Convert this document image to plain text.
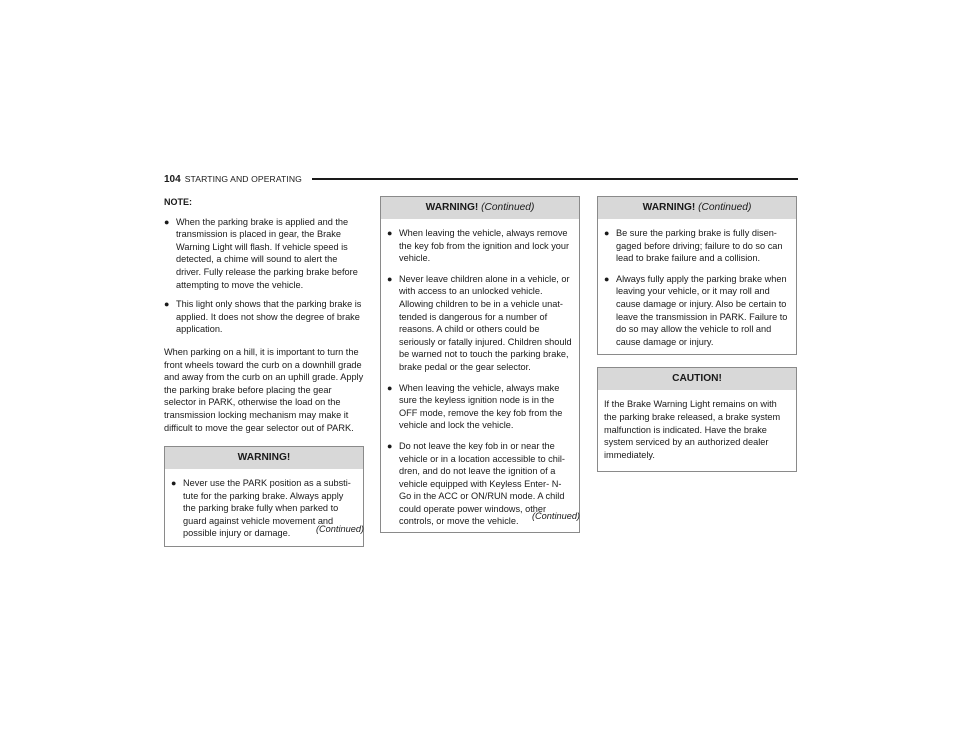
104 STARTING AND OPERATING
NOTE:
● When the parking brake is applied and the transmission is placed in gear, the Brake Warning Light will flash. If vehicle speed is detected, a chime will sound to alert the driver. Fully release the parking brake before attempting to move the vehicle.
● This light only shows that the parking brake is applied. It does not show the degree of brake application.

When parking on a hill, it is important to turn the front wheels toward the curb on a downhill grade and away from the curb on an uphill grade. Apply the parking brake before placing the gear selector in PARK, otherwise the load on the transmission locking mechanism may make it difficult to move the gear selector out of PARK.

WARNING!
● Never use the PARK position as a substi-tute for the parking brake. Always apply the parking brake fully when parked to guard against vehicle movement and possible injury or damage.	(Continued)
WARNING! (Continued)
● When leaving the vehicle, always remove the key fob from the ignition and lock your vehicle.
● Never leave children alone in a vehicle, or with access to an unlocked vehicle. Allowing children to be in a vehicle unat-tended is dangerous for a number of reasons. A child or others could be seriously or fatally injured. Children should be warned not to touch the parking brake, brake pedal or the gear selector.
● When leaving the vehicle, always make sure the keyless ignition node is in the OFF mode, remove the key fob from the vehicle and lock the vehicle.
● Do not leave the key fob in or near the vehicle or in a location accessible to chil-dren, and do not leave the ignition of a vehicle equipped with Keyless Enter- N-Go in the ACC or ON/RUN mode. A child could operate power windows, other controls, or move the vehicle.
(Continued)
WARNING! (Continued)
● Be sure the parking brake is fully disen-gaged before driving; failure to do so can lead to brake failure and a collision.
● Always fully apply the parking brake when leaving your vehicle, or it may roll and cause damage or injury. Also be certain to leave the transmission in PARK. Failure to do so may allow the vehicle to roll and cause damage or injury.
CAUTION!

If the Brake Warning Light remains on with the parking brake released, a brake system malfunction is indicated. Have the brake system serviced by an authorized dealer immediately.
